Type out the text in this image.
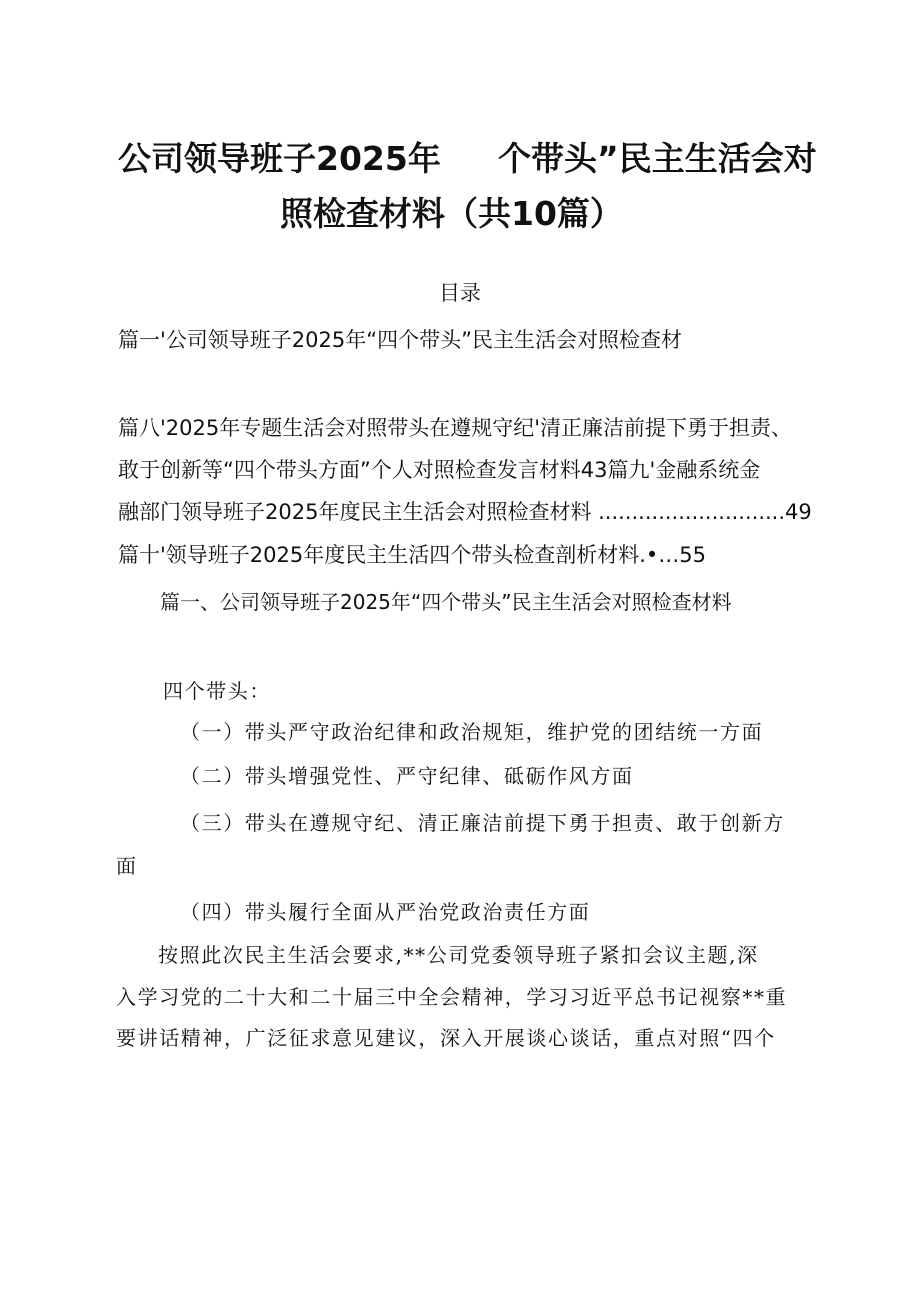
公司领导班子2025年 个带头”民主生活会对
照检查材料（共10篇）
目录
篇一'公司领导班子2025年“四个带头”民主生活会对照检查材
篇八'2025年专题生活会对照带头在遵规守纪'清正廉洁前提下勇于担责、
敢于创新等“四个带头方面”个人对照检查发言材料43篇九'金融系统金
融部门领导班子2025年度民主生活会对照检查材料 ............................49
篇十'领导班子2025年度民主生活四个带头检查剖析材料.•…55
篇一、公司领导班子2025年“四个带头”民主生活会对照检查材料
四个带头：
（一）带头严守政治纪律和政治规矩，维护党的团结统一方面
（二）带头增强党性、严守纪律、砥砺作风方面
（三）带头在遵规守纪、清正廉洁前提下勇于担责、敢于创新方
面
（四）带头履行全面从严治党政治责任方面
按照此次民主生活会要求,**公司党委领导班子紧扣会议主题,深
入学习党的二十大和二十届三中全会精神，学习习近平总书记视察**重
要讲话精神，广泛征求意见建议，深入开展谈心谈话，重点对照“四个
